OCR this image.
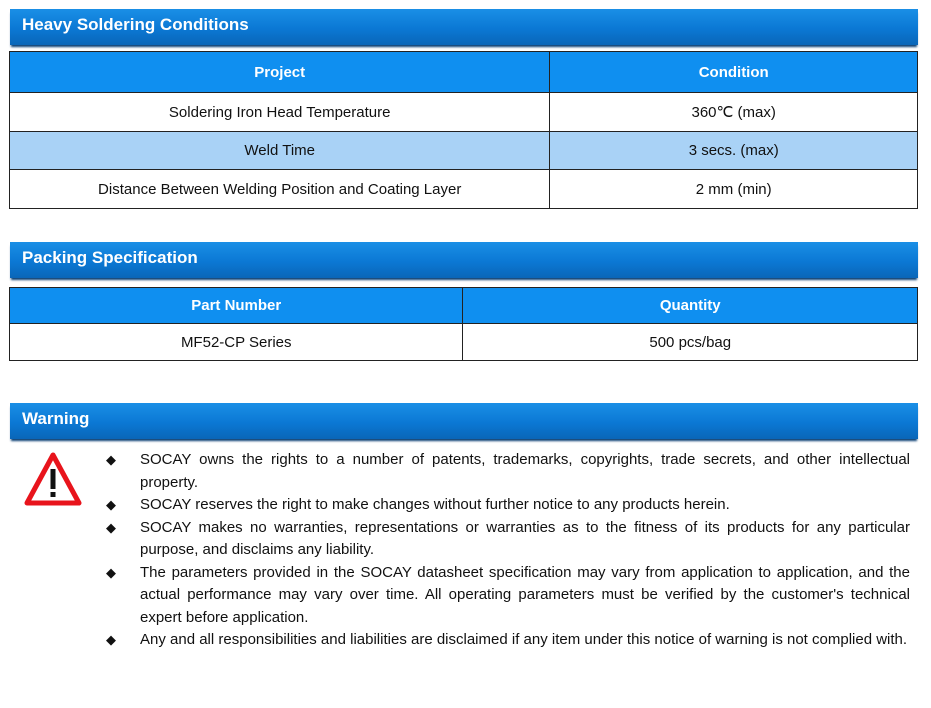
Heavy Soldering Conditions
Project	Condition
Soldering Iron Head Temperature	360℃ (max)
Weld Time	3 secs. (max)
Distance Between Welding Position and Coating Layer	2 mm (min)
Packing Specification
Part Number	Quantity
MF52-CP Series	500 pcs/bag
Warning
◆ SOCAY owns the rights to a number of patents, trademarks, copyrights, trade secrets, and other intellectual property.
◆ SOCAY reserves the right to make changes without further notice to any products herein.
◆ SOCAY makes no warranties, representations or warranties as to the fitness of its products for any particular purpose, and disclaims any liability.
◆ The parameters provided in the SOCAY datasheet specification may vary from application to application, and the actual performance may vary over time. All operating parameters must be verified by the customer's technical expert before application.
◆ Any and all responsibilities and liabilities are disclaimed if any item under this notice of warning is not complied with.
